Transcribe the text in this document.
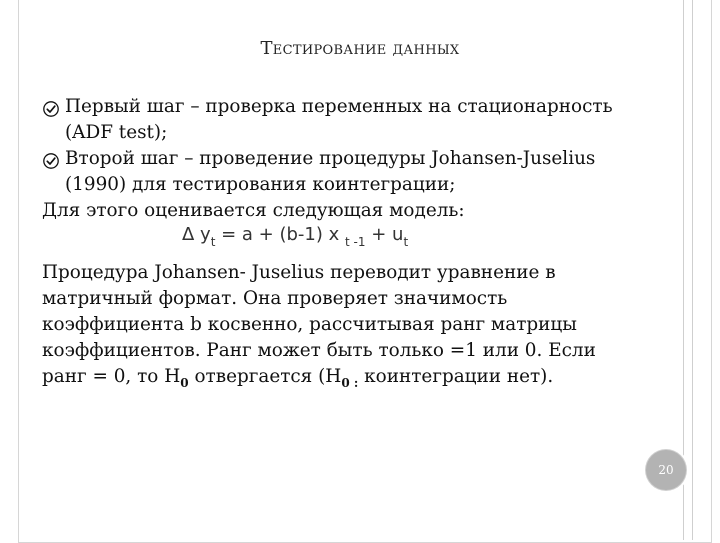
Тестирование данных

Первый шаг – проверка переменных на стационарность (ADF test);

Второй шаг – проведение процедуры Johansen-Juselius (1990) для тестирования коинтеграции;

Для этого оценивается следующая модель:

Δ $y_t = a + (b-1)$ x $_{t -1} + u_t$

Процедура Johansen- Juselius переводит уравнение в матричный формат. Она проверяет значимость коэффициента b косвенно, рассчитывая ранг матрицы коэффициентов. Ранг может быть только =1 или 0. Если ранг = 0, то $H_0$ отвергается ($H_{0 :}$ коинтеграции нет).

20
